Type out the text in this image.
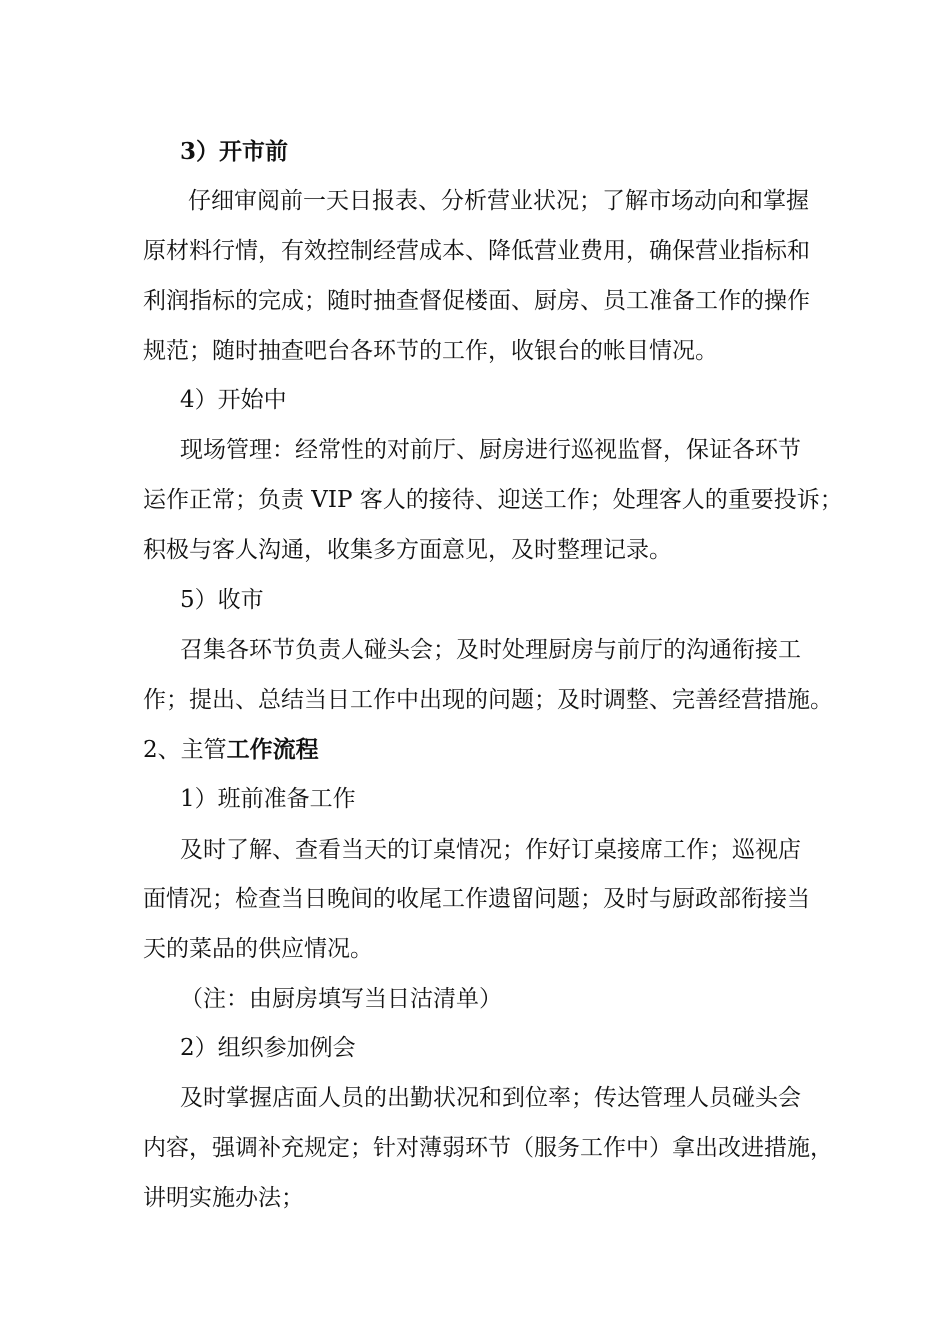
3）开市前
仔细审阅前一天日报表、分析营业状况；了解市场动向和掌握
原材料行情，有效控制经营成本、降低营业费用，确保营业指标和
利润指标的完成；随时抽查督促楼面、厨房、员工准备工作的操作
规范；随时抽查吧台各环节的工作，收银台的帐目情况。
4）开始中
现场管理：经常性的对前厅、厨房进行巡视监督，保证各环节
运作正常；负责 VIP 客人的接待、迎送工作；处理客人的重要投诉；
积极与客人沟通，收集多方面意见，及时整理记录。
5）收市
召集各环节负责人碰头会；及时处理厨房与前厅的沟通衔接工
作；提出、总结当日工作中出现的问题；及时调整、完善经营措施。
2、主管工作流程
1）班前准备工作
及时了解、查看当天的订桌情况；作好订桌接席工作；巡视店
面情况；检查当日晚间的收尾工作遗留问题；及时与厨政部衔接当
天的菜品的供应情况。
（注：由厨房填写当日沽清单）
2）组织参加例会
及时掌握店面人员的出勤状况和到位率；传达管理人员碰头会
内容，强调补充规定；针对薄弱环节（服务工作中）拿出改进措施，
讲明实施办法；
